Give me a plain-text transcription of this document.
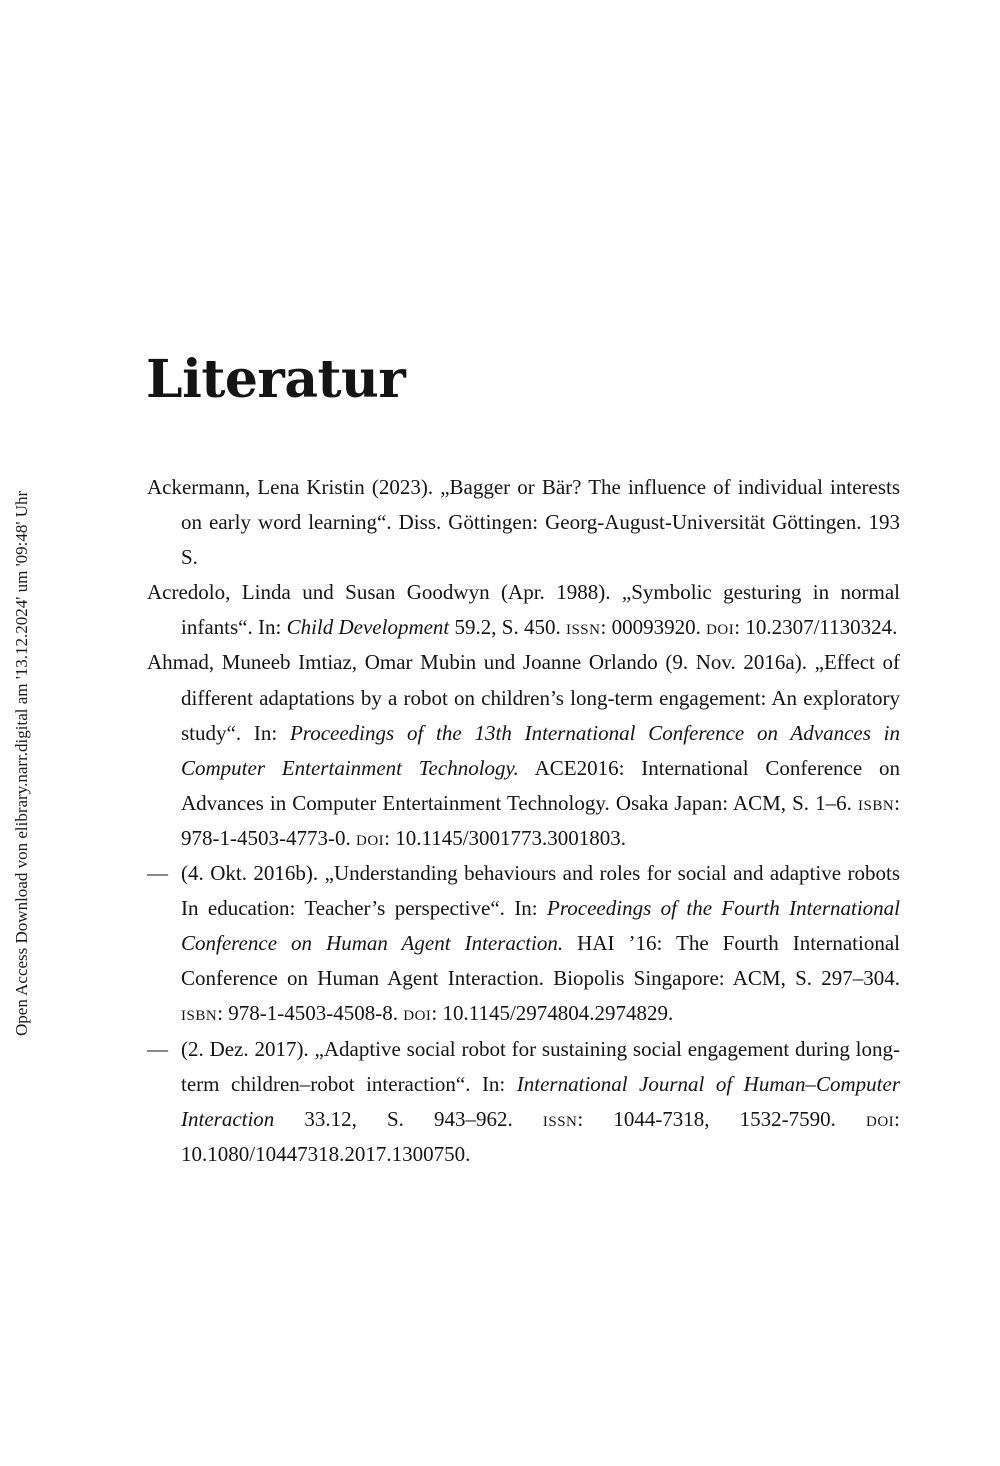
Open Access Download von elibrary.narr.digital am '13.12.2024' um '09:48' Uhr
Literatur
Ackermann, Lena Kristin (2023). „Bagger or Bär? The influence of individual interests on early word learning“. Diss. Göttingen: Georg-August-Universität Göttingen. 193 S.
Acredolo, Linda und Susan Goodwyn (Apr. 1988). „Symbolic gesturing in normal infants“. In: Child Development 59.2, S. 450. issn: 00093920. doi: 10.2307/1130324.
Ahmad, Muneeb Imtiaz, Omar Mubin und Joanne Orlando (9. Nov. 2016a). „Effect of different adaptations by a robot on children’s long-term engagement: An exploratory study“. In: Proceedings of the 13th International Conference on Advances in Computer Entertainment Technology. ACE2016: International Conference on Advances in Computer Entertainment Technology. Osaka Japan: ACM, S. 1–6. isbn: 978-1-4503-4773-0. doi: 10.1145/3001773.3001803.
— (4. Okt. 2016b). „Understanding behaviours and roles for social and adaptive robots In education: Teacher’s perspective“. In: Proceedings of the Fourth International Conference on Human Agent Interaction. HAI ’16: The Fourth International Conference on Human Agent Interaction. Biopolis Singapore: ACM, S. 297–304. isbn: 978-1-4503-4508-8. doi: 10.1145/2974804.2974829.
— (2. Dez. 2017). „Adaptive social robot for sustaining social engagement during long-term children–robot interaction“. In: International Journal of Human–Computer Interaction 33.12, S. 943–962. issn: 1044-7318, 1532-7590. doi: 10.1080/10447318.2017.1300750.
